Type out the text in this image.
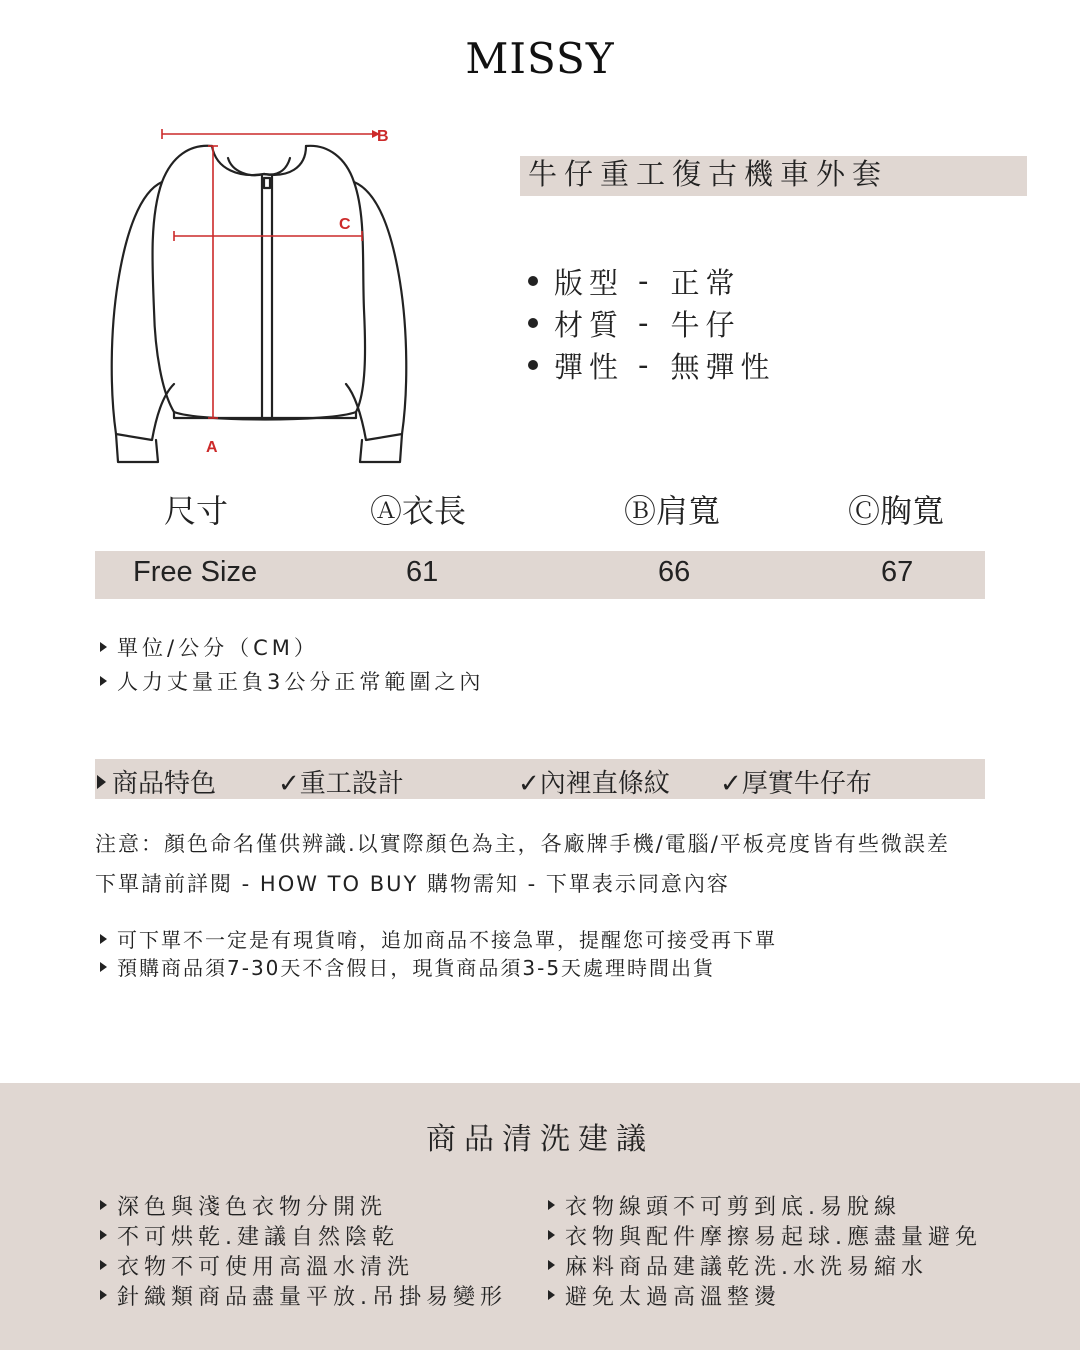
MISSY
B
C
A
牛仔重工復古機車外套
版型 - 正常
材質 - 牛仔
彈性 - 無彈性
尺寸	Ⓐ衣長	Ⓑ肩寬	Ⓒ胸寬
Free Size	61	66	67
單位/公分（CM）
人力丈量正負3公分正常範圍之內
商品特色 ✓重工設計	✓內裡直條紋 ✓厚實牛仔布
注意：顏色命名僅供辨識.以實際顏色為主，各廠牌手機/電腦/平板亮度皆有些微誤差
下單請前詳閱 - HOW TO BUY 購物需知 - 下單表示同意內容
可下單不一定是有現貨唷，追加商品不接急單，提醒您可接受再下單
預購商品須7-30天不含假日，現貨商品須3-5天處理時間出貨
商品清洗建議
深色與淺色衣物分開洗
不可烘乾.建議自然陰乾
衣物不可使用高溫水清洗
針織類商品盡量平放.吊掛易變形
衣物線頭不可剪到底.易脫線
衣物與配件摩擦易起球.應盡量避免
麻料商品建議乾洗.水洗易縮水
避免太過高溫整燙
